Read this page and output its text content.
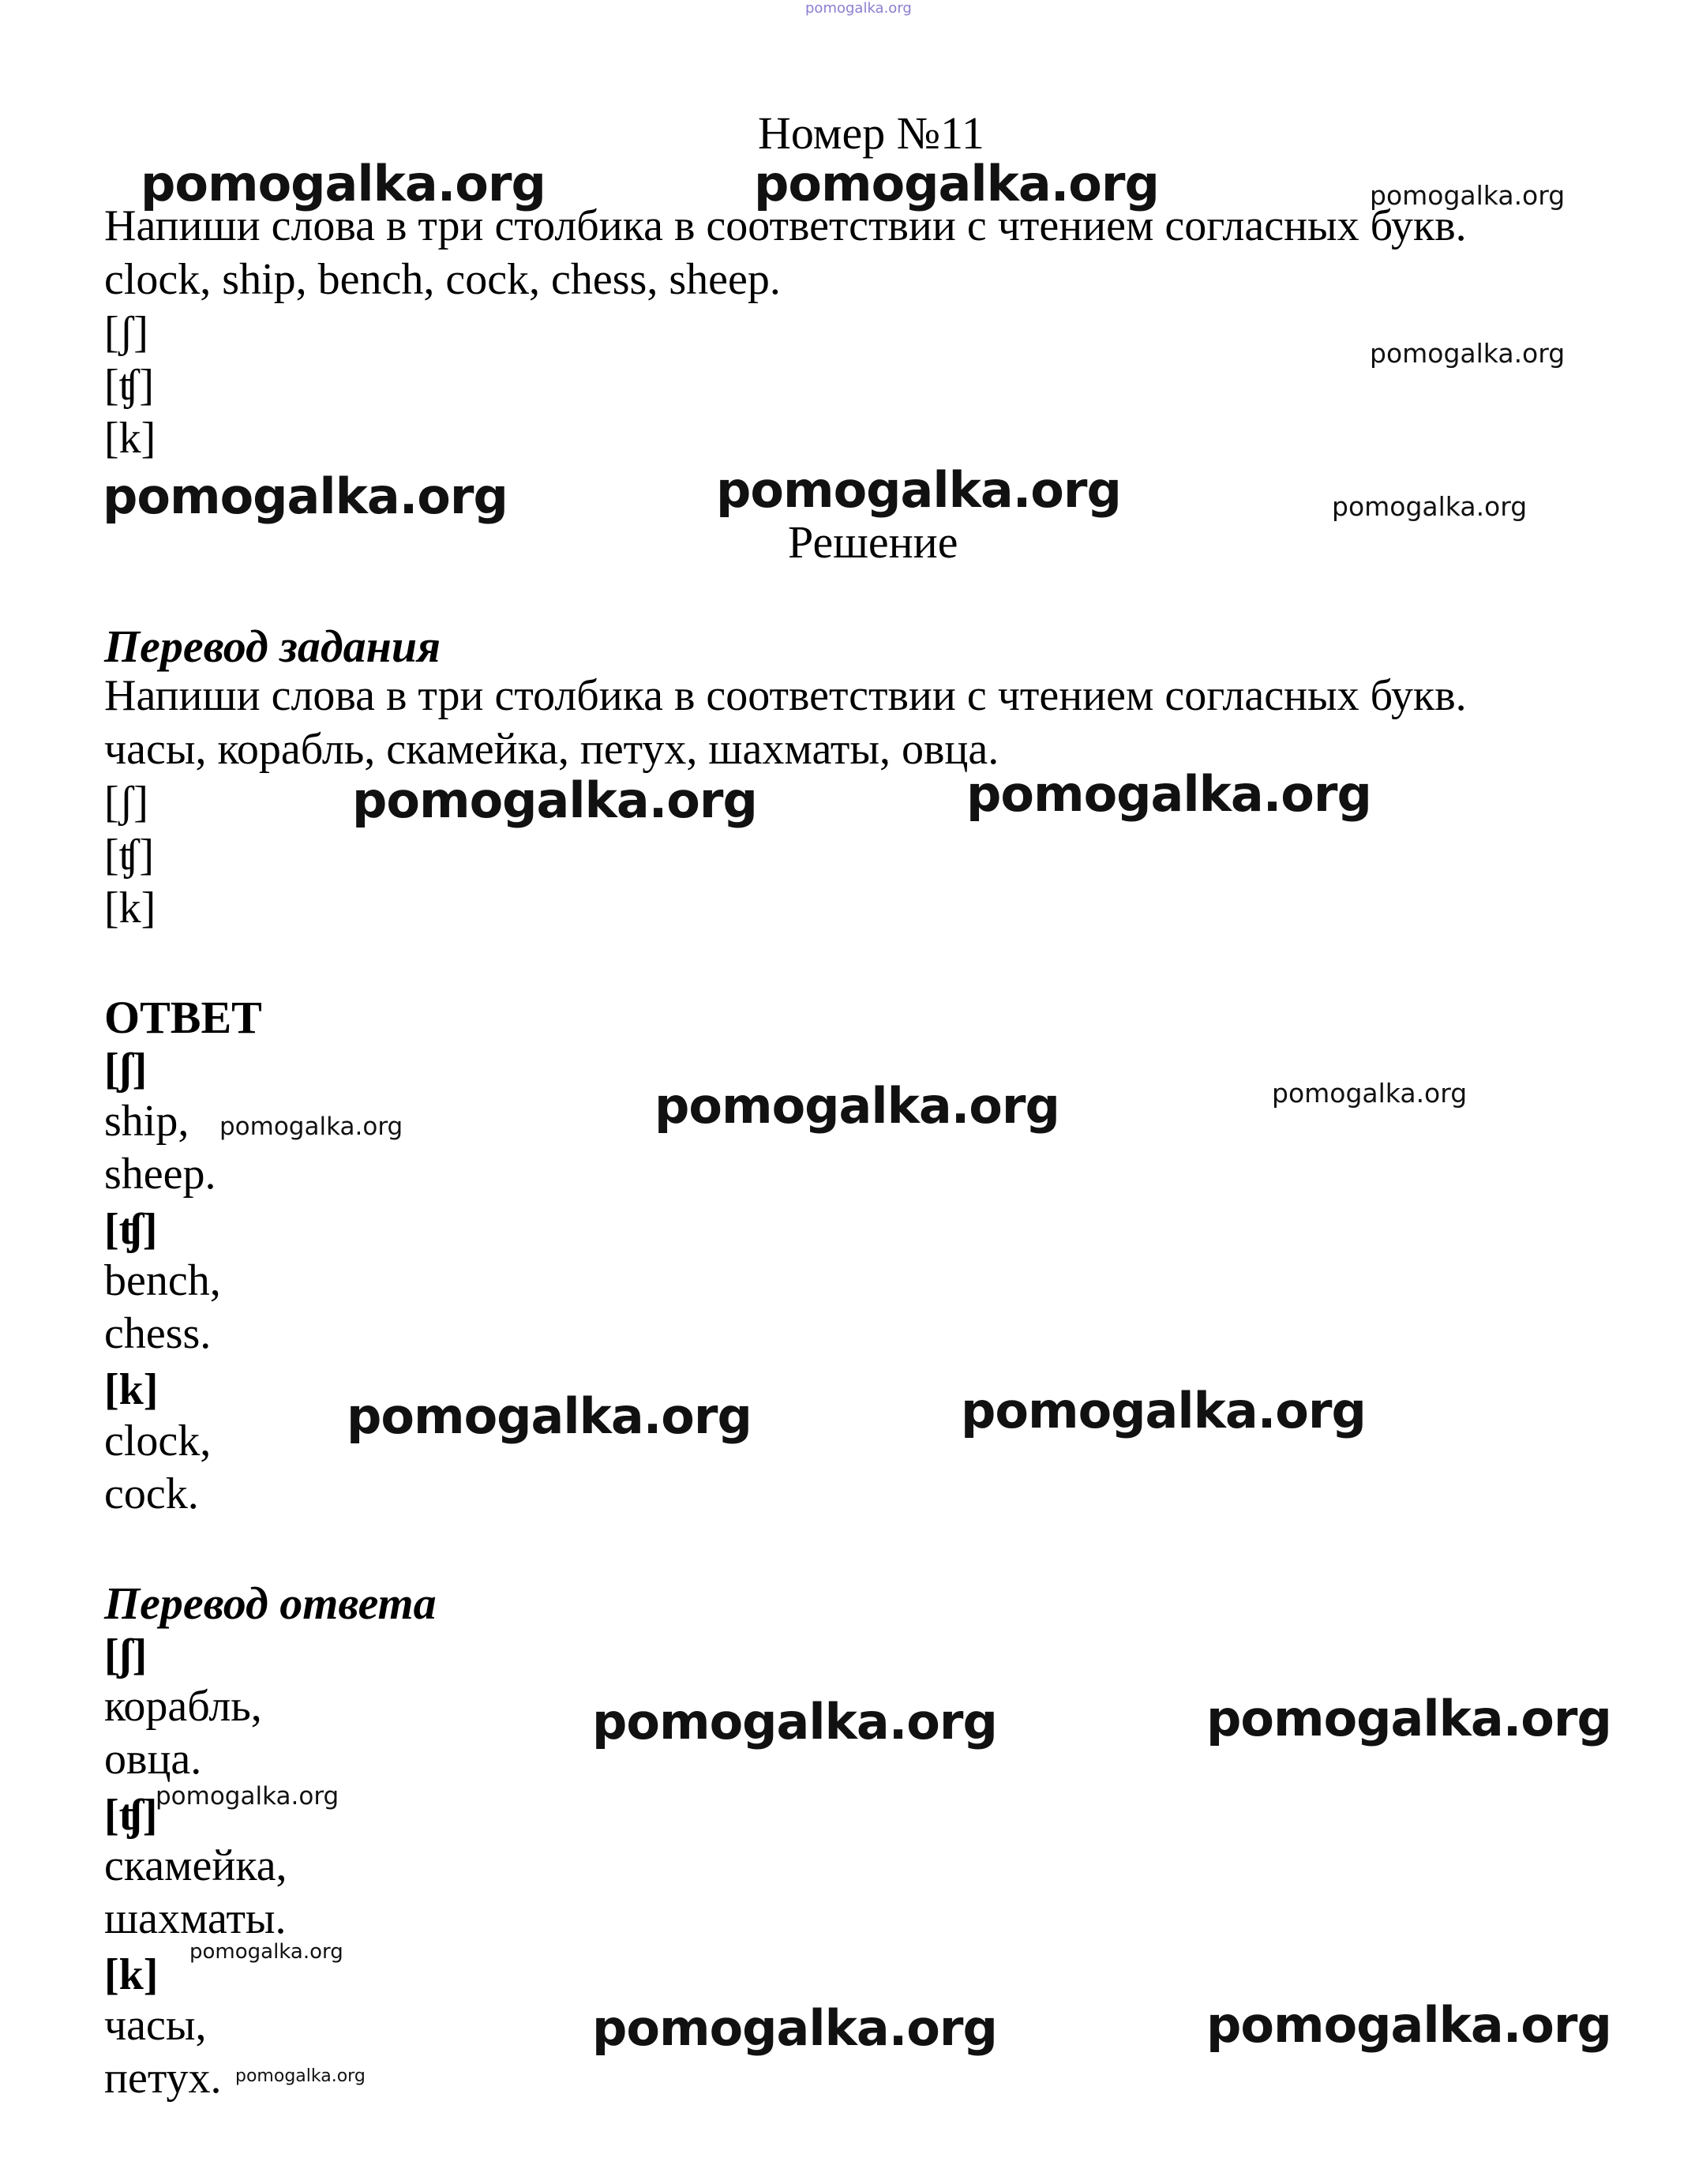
pomogalka.org
Номер №11
Напиши слова в три столбика в соответствии с чтением согласных букв.
clock, ship, bench, cock, chess, sheep.
[ʃ]
[ʧ]
[k]
Решение
Перевод задания
Напиши слова в три столбика в соответствии с чтением согласных букв.
часы, корабль, скамейка, петух, шахматы, овца.
[ʃ]
[ʧ]
[k]
ОТВЕТ
[ʃ]
ship,
sheep.
[ʧ]
bench,
chess.
[k]
clock,
cock.
Перевод ответа
[ʃ]
корабль,
овца.
[ʧ]
скамейка,
шахматы.
[k]
часы,
петух.
pomogalka.org	pomogalka.org
pomogalka.org	pomogalka.org
pomogalka.org	pomogalka.org
pomogalka.org
pomogalka.org	pomogalka.org
pomogalka.org	pomogalka.org
pomogalka.org	pomogalka.org
pomogalka.org
pomogalka.org
pomogalka.org
pomogalka.org
pomogalka.org
pomogalka.org
pomogalka.org
pomogalka.org
